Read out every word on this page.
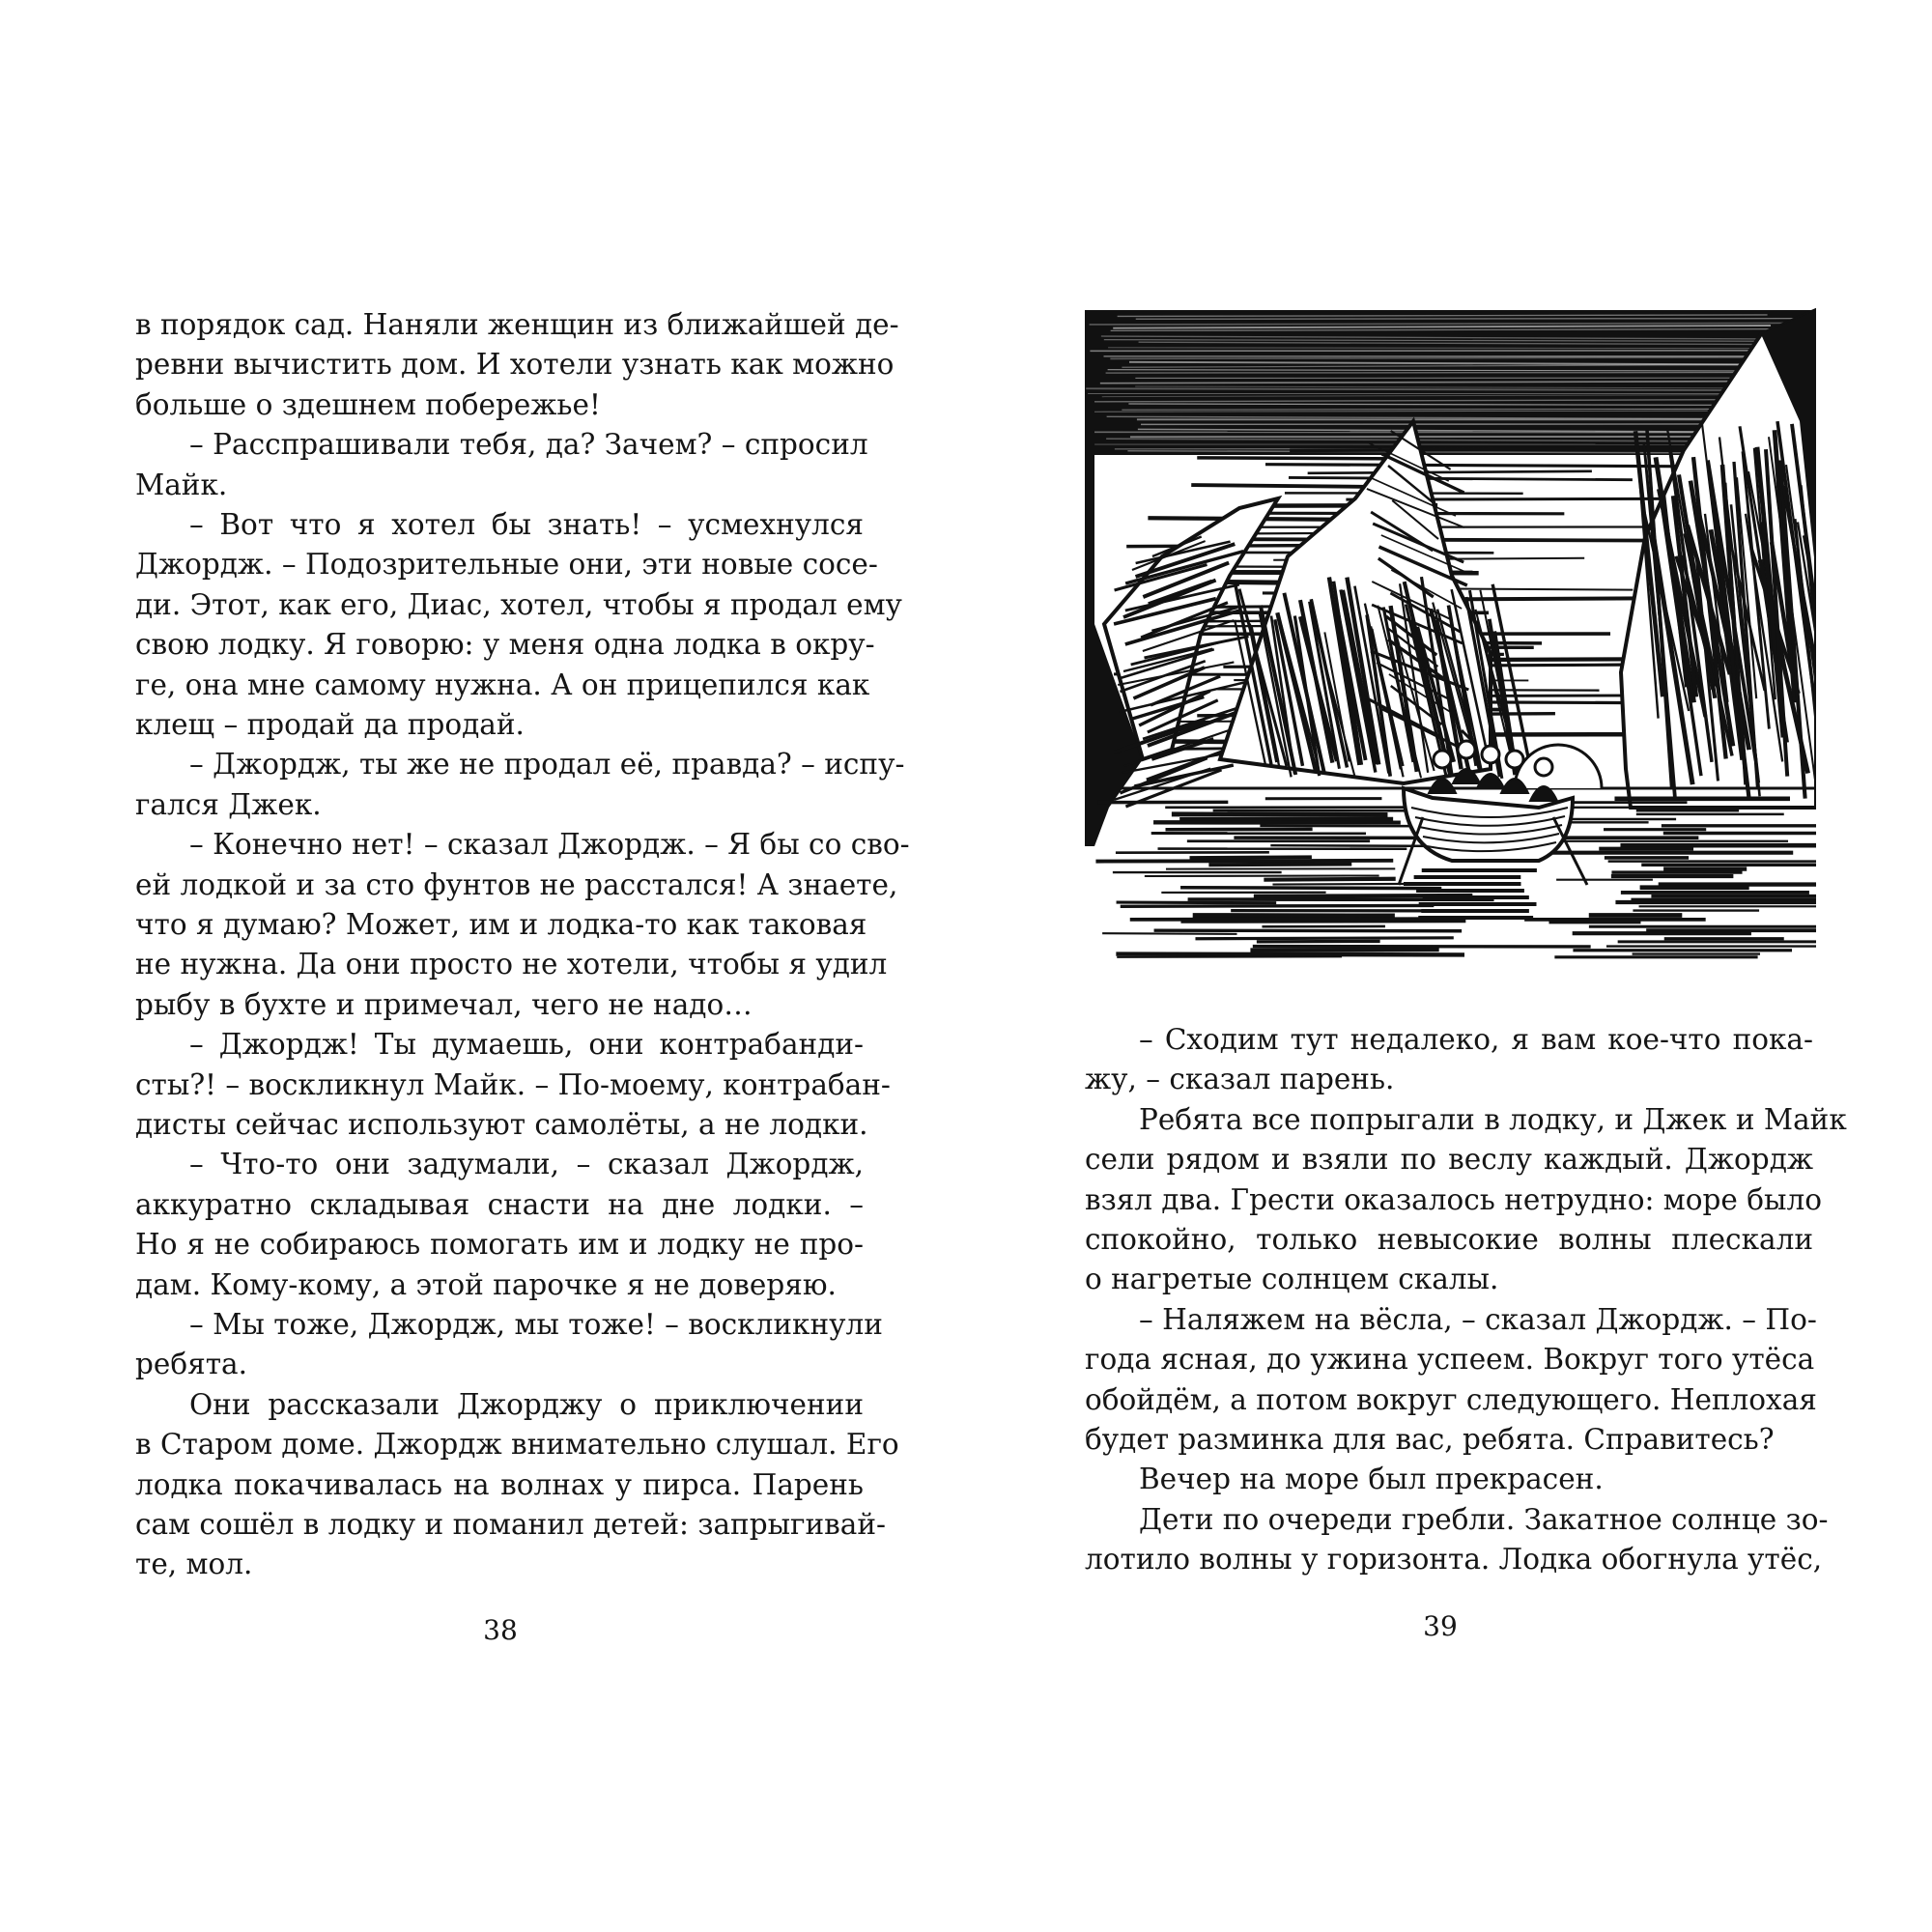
в порядок сад. Наняли женщин из ближайшей де-
ревни вычистить дом. И хотели узнать как можно
больше о здешнем побережье!
– Расспрашивали тебя, да? Зачем? – спросил
Майк.
– Вот что я хотел бы знать! – усмехнулся
Джордж. – Подозрительные они, эти новые сосе-
ди. Этот, как его, Диас, хотел, чтобы я продал ему
свою лодку. Я говорю: у меня одна лодка в окру-
ге, она мне самому нужна. А он прицепился как
клещ – продай да продай.
– Джордж, ты же не продал её, правда? – испу-
гался Джек.
– Конечно нет! – сказал Джордж. – Я бы со сво-
ей лодкой и за сто фунтов не расстался! А знаете,
что я думаю? Может, им и лодка-то как таковая
не нужна. Да они просто не хотели, чтобы я удил
рыбу в бухте и примечал, чего не надо…
– Джордж! Ты думаешь, они контрабанди-
сты?! – воскликнул Майк. – По-моему, контрабан-
дисты сейчас используют самолёты, а не лодки.
– Что-то они задумали, – сказал Джордж,
аккуратно складывая снасти на дне лодки. –
Но я не собираюсь помогать им и лодку не про-
дам. Кому-кому, а этой парочке я не доверяю.
– Мы тоже, Джордж, мы тоже! – воскликнули
ребята.
Они рассказали Джорджу о приключении
в Старом доме. Джордж внимательно слушал. Его
лодка покачивалась на волнах у пирса. Парень
сам сошёл в лодку и поманил детей: запрыгивай-
те, мол.
38
– Сходим тут недалеко, я вам кое-что пока-
жу, – сказал парень.
Ребята все попрыгали в лодку, и Джек и Майк
сели рядом и взяли по веслу каждый. Джордж
взял два. Грести оказалось нетрудно: море было
спокойно, только невысокие волны плескали
о нагретые солнцем скалы.
– Наляжем на вёсла, – сказал Джордж. – По-
года ясная, до ужина успеем. Вокруг того утёса
обойдём, а потом вокруг следующего. Неплохая
будет разминка для вас, ребята. Справитесь?
Вечер на море был прекрасен.
Дети по очереди гребли. Закатное солнце зо-
лотило волны у горизонта. Лодка обогнула утёс,
39
